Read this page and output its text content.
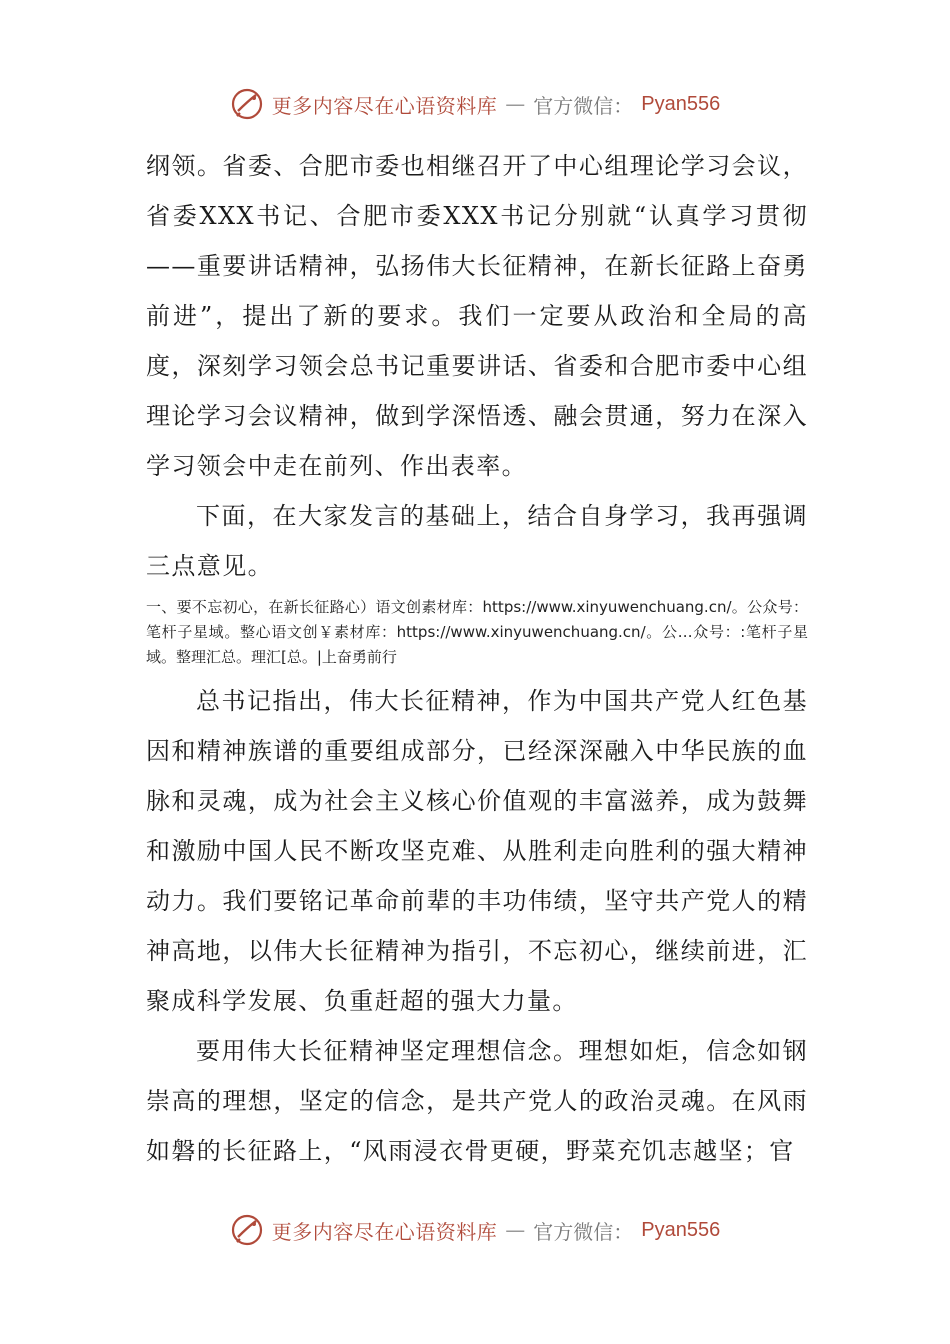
更多内容尽在心语资料库 — 官方微信： Pyan556

纲领。省委、合肥市委也相继召开了中心组理论学习会议，省委XXX书记、合肥市委XXX书记分别就“认真学习贯彻——重要讲话精神，弘扬伟大长征精神，在新长征路上奋勇前进”，提出了新的要求。我们一定要从政治和全局的高度，深刻学习领会总书记重要讲话、省委和合肥市委中心组理论学习会议精神，做到学深悟透、融会贯通，努力在深入学习领会中走在前列、作出表率。

下面，在大家发言的基础上，结合自身学习，我再强调三点意见。

一、要不忘初心，在新长征路心）语文创素材库：https://www.xinyuwenchuang.cn/。公众号：笔杆子星域。整心语文创￥素材库：https://www.xinyuwenchuang.cn/。公…众号：:笔杆子星域。整理汇总。理汇[总。|上奋勇前行

总书记指出，伟大长征精神，作为中国共产党人红色基因和精神族谱的重要组成部分，已经深深融入中华民族的血脉和灵魂，成为社会主义核心价值观的丰富滋养，成为鼓舞和激励中国人民不断攻坚克难、从胜利走向胜利的强大精神动力。我们要铭记革命前辈的丰功伟绩，坚守共产党人的精神高地，以伟大长征精神为指引，不忘初心，继续前进，汇聚成科学发展、负重赶超的强大力量。

要用伟大长征精神坚定理想信念。理想如炬，信念如钢崇高的理想，坚定的信念，是共产党人的政治灵魂。在风雨如磐的长征路上，“风雨浸衣骨更硬，野菜充饥志越坚；官

更多内容尽在心语资料库 — 官方微信： Pyan556
